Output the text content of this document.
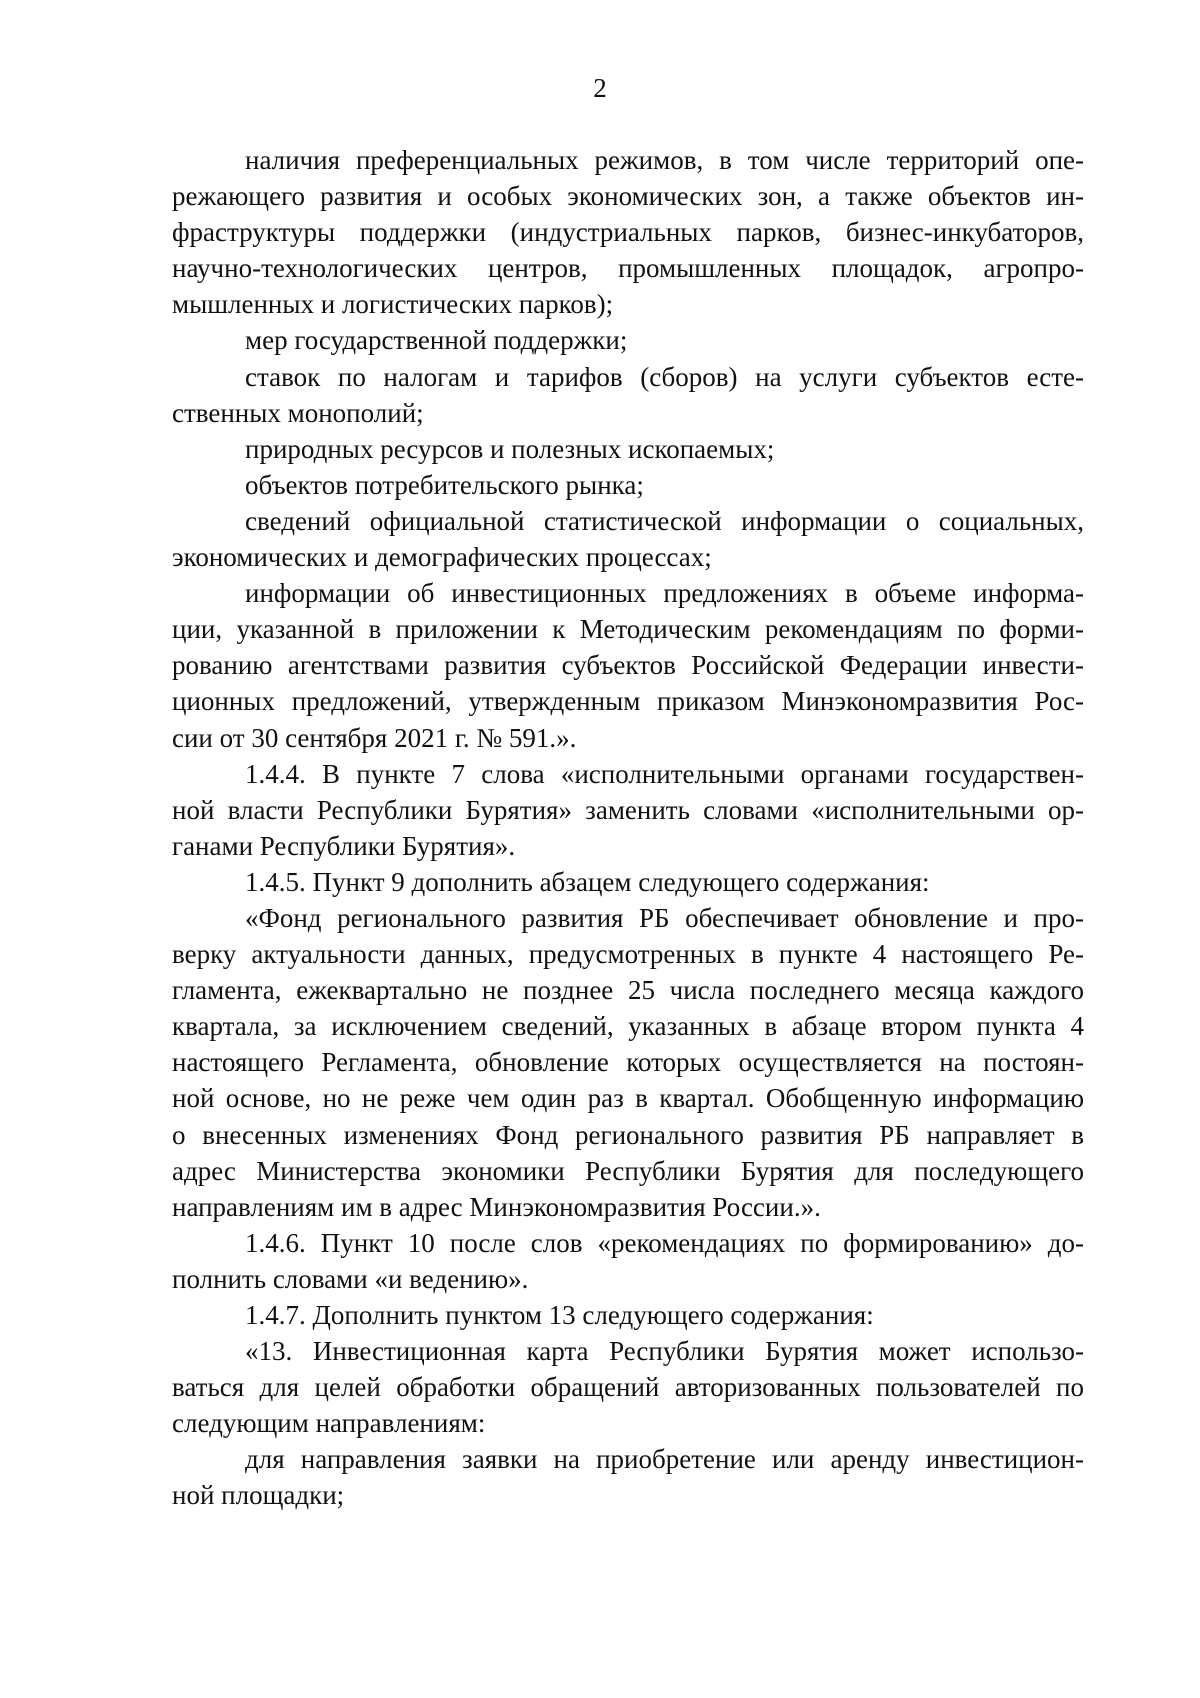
2

наличия преференциальных режимов, в том числе территорий опе-
режающего развития и особых экономических зон, а также объектов ин-
фраструктуры поддержки (индустриальных парков, бизнес-инкубаторов,
научно-технологических центров, промышленных площадок, агропро-
мышленных и логистических парков);

мер государственной поддержки;

ставок по налогам и тарифов (сборов) на услуги субъектов есте-
ственных монополий;

природных ресурсов и полезных ископаемых;

объектов потребительского рынка;

сведений официальной статистической информации о социальных,
экономических и демографических процессах;

информации об инвестиционных предложениях в объеме информа-
ции, указанной в приложении к Методическим рекомендациям по форми-
рованию агентствами развития субъектов Российской Федерации инвести-
ционных предложений, утвержденным приказом Минэкономразвития Рос-
сии от 30 сентября 2021 г. № 591.».

1.4.4. В пункте 7 слова «исполнительными органами государствен-
ной власти Республики Бурятия» заменить словами «исполнительными ор-
ганами Республики Бурятия».

1.4.5. Пункт 9 дополнить абзацем следующего содержания:

«Фонд регионального развития РБ обеспечивает обновление и про-
верку актуальности данных, предусмотренных в пункте 4 настоящего Ре-
гламента, ежеквартально не позднее 25 числа последнего месяца каждого
квартала, за исключением сведений, указанных в абзаце втором пункта 4
настоящего Регламента, обновление которых осуществляется на постоян-
ной основе, но не реже чем один раз в квартал. Обобщенную информацию
о внесенных изменениях Фонд регионального развития РБ направляет в
адрес Министерства экономики Республики Бурятия для последующего
направлениям им в адрес Минэкономразвития России.».

1.4.6. Пункт 10 после слов «рекомендациях по формированию» до-
полнить словами «и ведению».

1.4.7. Дополнить пунктом 13 следующего содержания:

«13. Инвестиционная карта Республики Бурятия может использо-
ваться для целей обработки обращений авторизованных пользователей по
следующим направлениям:

для направления заявки на приобретение или аренду инвестицион-
ной площадки;
